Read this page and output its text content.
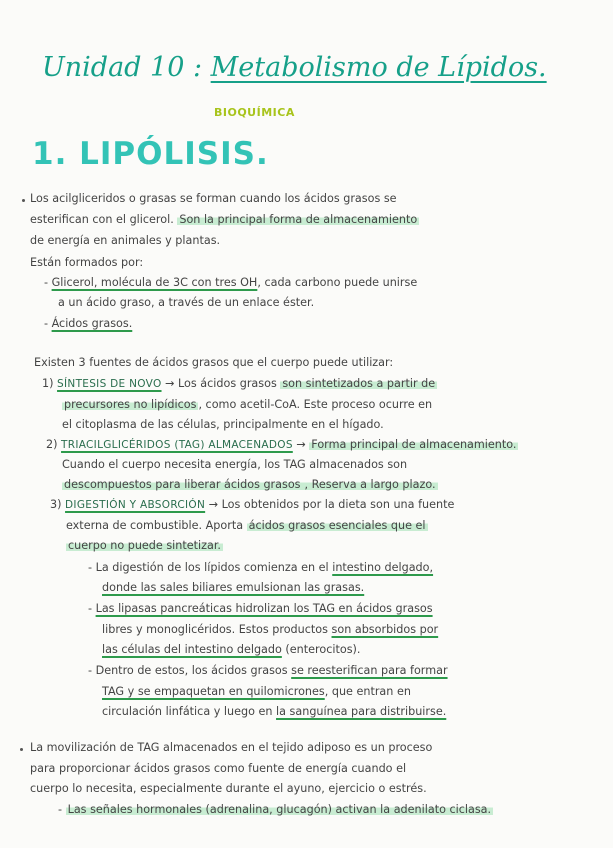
Unidad 10 : Metabolismo de Lípidos.
BIOQUÍMICA
1. LIPÓLISIS.
Los acilgliceridos o grasas se forman cuando los ácidos grasos se
esterifican con el glicerol. Son la principal forma de almacenamiento
de energía en animales y plantas.
Están formados por:
- Glicerol, molécula de 3C con tres OH, cada carbono puede unirse
a un ácido graso, a través de un enlace éster.
- Ácidos grasos.
Existen 3 fuentes de ácidos grasos que el cuerpo puede utilizar:
1) SÍNTESIS DE NOVO → Los ácidos grasos son sintetizados a partir de
precursores no lipídicos , como acetil-CoA. Este proceso ocurre en
el citoplasma de las células, principalmente en el hígado.
2) TRIACILGLICÉRIDOS (TAG) ALMACENADOS → Forma principal de almacenamiento.
Cuando el cuerpo necesita energía, los TAG almacenados son
descompuestos para liberar ácidos grasos , Reserva a largo plazo.
3) DIGESTIÓN Y ABSORCIÓN → Los obtenidos por la dieta son una fuente
externa de combustible. Aporta ácidos grasos esenciales que el
cuerpo no puede sintetizar.
- La digestión de los lípidos comienza en el intestino delgado,
donde las sales biliares emulsionan las grasas.
- Las lipasas pancreáticas hidrolizan los TAG en ácidos grasos
libres y monoglicéridos. Estos productos son absorbidos por
las células del intestino delgado (enterocitos).
- Dentro de estos, los ácidos grasos se reesterifican para formar
TAG y se empaquetan en quilomicrones, que entran en
circulación linfática y luego en la sanguínea para distribuirse.
La movilización de TAG almacenados en el tejido adiposo es un proceso
para proporcionar ácidos grasos como fuente de energía cuando el
cuerpo lo necesita, especialmente durante el ayuno, ejercicio o estrés.
- Las señales hormonales (adrenalina, glucagón) activan la adenilato ciclasa.
